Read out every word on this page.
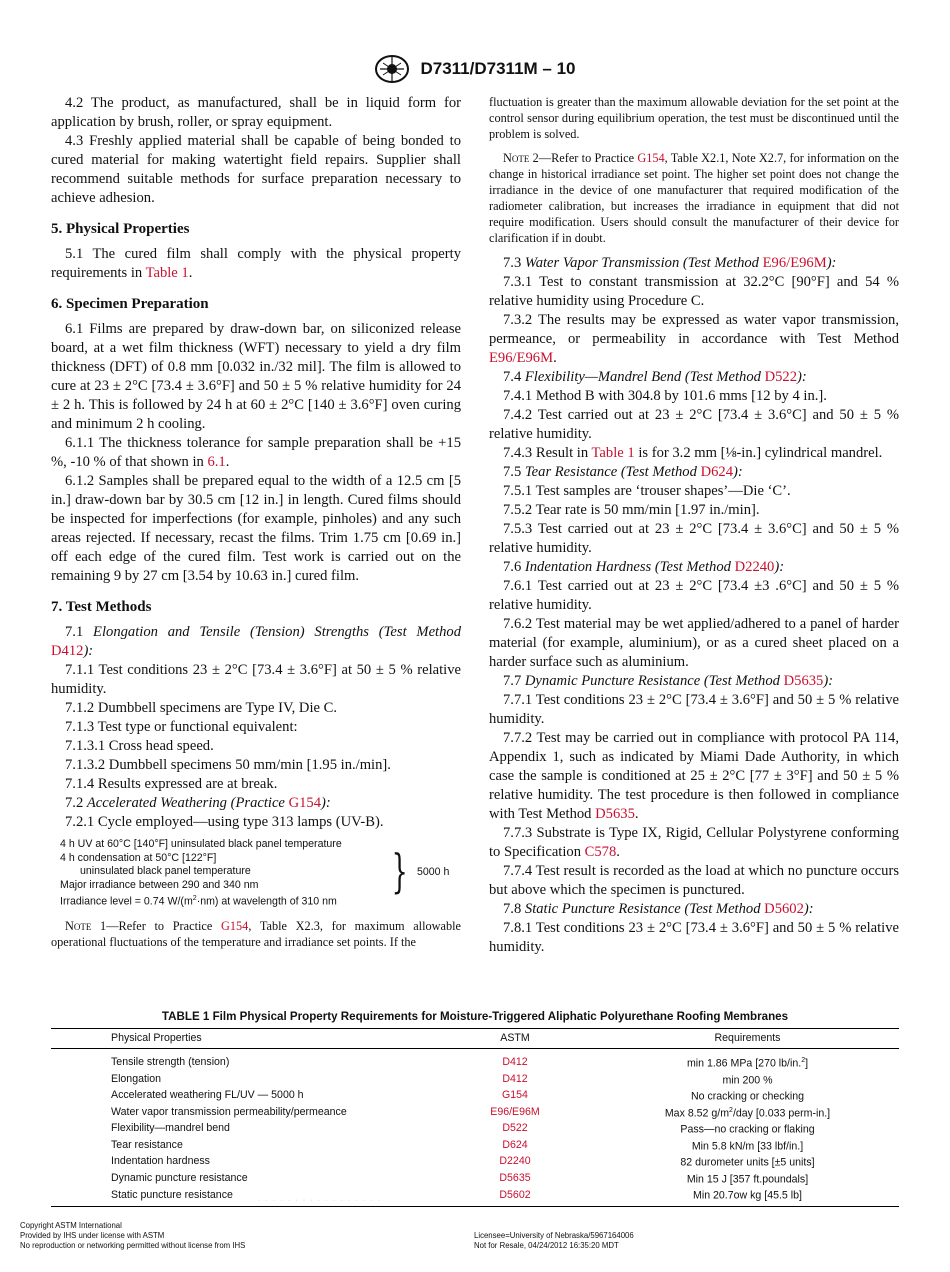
D7311/D7311M – 10

4.2 The product, as manufactured, shall be in liquid form for application by brush, roller, or spray equipment.

4.3 Freshly applied material shall be capable of being bonded to cured material for making watertight field repairs. Supplier shall recommend suitable methods for surface preparation necessary to achieve adhesion.

5. Physical Properties

5.1 The cured film shall comply with the physical property requirements in Table 1.

6. Specimen Preparation

6.1 Films are prepared by draw-down bar, on siliconized release board, at a wet film thickness (WFT) necessary to yield a dry film thickness (DFT) of 0.8 mm [0.032 in./32 mil]. The film is allowed to cure at 23 ± 2°C [73.4 ± 3.6°F] and 50 ± 5 % relative humidity for 24 ± 2 h. This is followed by 24 h at 60 ± 2°C [140 ± 3.6°F] oven curing and minimum 2 h cooling.

6.1.1 The thickness tolerance for sample preparation shall be +15 %, -10 % of that shown in 6.1.

6.1.2 Samples shall be prepared equal to the width of a 12.5 cm [5 in.] draw-down bar by 30.5 cm [12 in.] in length. Cured films should be inspected for imperfections (for example, pinholes) and any such areas rejected. If necessary, recast the films. Trim 1.75 cm [0.69 in.] off each edge of the cured film. Test work is carried out on the remaining 9 by 27 cm [3.54 by 10.63 in.] cured film.

7. Test Methods

7.1 Elongation and Tensile (Tension) Strengths (Test Method D412):

7.1.1 Test conditions 23 ± 2°C [73.4 ± 3.6°F] at 50 ± 5 % relative humidity.

7.1.2 Dumbbell specimens are Type IV, Die C.

7.1.3 Test type or functional equivalent:

7.1.3.1 Cross head speed.

7.1.3.2 Dumbbell specimens 50 mm/min [1.95 in./min].

7.1.4 Results expressed are at break.

7.2 Accelerated Weathering (Practice G154):

7.2.1 Cycle employed—using type 313 lamps (UV-B).

4 h UV at 60°C [140°F] uninsulated black panel temperature
4 h condensation at 50°C [122°F]
uninsulated black panel temperature
Major irradiance between 290 and 340 nm
Irradiance level = 0.74 $W/(m^2\cdot nm)$ at wavelength of 310 nm
} 5000 h

Note 1—Refer to Practice G154, Table X2.3, for maximum allowable operational fluctuations of the temperature and irradiance set points. If the

fluctuation is greater than the maximum allowable deviation for the set point at the control sensor during equilibrium operation, the test must be discontinued until the problem is solved.

Note 2—Refer to Practice G154, Table X2.1, Note X2.7, for information on the change in historical irradiance set point. The higher set point does not change the irradiance in the device of one manufacturer that required modification of the radiometer calibration, but increases the irradiance in equipment that did not require modification. Users should consult the manufacturer of their device for clarification if in doubt.

7.3 Water Vapor Transmission (Test Method E96/E96M):

7.3.1 Test to constant transmission at 32.2°C [90°F] and 54 % relative humidity using Procedure C.

7.3.2 The results may be expressed as water vapor transmission, permeance, or permeability in accordance with Test Method E96/E96M.

7.4 Flexibility—Mandrel Bend (Test Method D522):

7.4.1 Method B with 304.8 by 101.6 mms [12 by 4 in.].

7.4.2 Test carried out at 23 ± 2°C [73.4 ± 3.6°C] and 50 ± 5 % relative humidity.

7.4.3 Result in Table 1 is for 3.2 mm [⅛-in.] cylindrical mandrel.

7.5 Tear Resistance (Test Method D624):

7.5.1 Test samples are ‘trouser shapes’—Die ‘C’.

7.5.2 Tear rate is 50 mm/min [1.97 in./min].

7.5.3 Test carried out at 23 ± 2°C [73.4 ± 3.6°C] and 50 ± 5 % relative humidity.

7.6 Indentation Hardness (Test Method D2240):

7.6.1 Test carried out at 23 ± 2°C [73.4 ±3 .6°C] and 50 ± 5 % relative humidity.

7.6.2 Test material may be wet applied/adhered to a panel of harder material (for example, aluminium), or as a cured sheet placed on a harder surface such as aluminium.

7.7 Dynamic Puncture Resistance (Test Method D5635):

7.7.1 Test conditions 23 ± 2°C [73.4 ± 3.6°F] and 50 ± 5 % relative humidity.

7.7.2 Test may be carried out in compliance with protocol PA 114, Appendix 1, such as indicated by Miami Dade Authority, in which case the sample is conditioned at 25 ± 2°C [77 ± 3°F] and 50 ± 5 % relative humidity. The test procedure is then followed in compliance with Test Method D5635.

7.7.3 Substrate is Type IX, Rigid, Cellular Polystyrene conforming to Specification C578.

7.7.4 Test result is recorded as the load at which no puncture occurs but above which the specimen is punctured.

7.8 Static Puncture Resistance (Test Method D5602):

7.8.1 Test conditions 23 ± 2°C [73.4 ± 3.6°F] and 50 ± 5 % relative humidity.

TABLE 1 Film Physical Property Requirements for Moisture-Triggered Aliphatic Polyurethane Roofing Membranes
Physical Properties	ASTM	Requirements
Tensile strength (tension)	D412	min 1.86 MPa [270 lb/in.$^2$]
Elongation	D412	min 200 %
Accelerated weathering FL/UV — 5000 h	G154	No cracking or checking
Water vapor transmission permeability/permeance	E96/E96M	Max 8.52 $g/m^2$/day [0.033 perm-in.]
Flexibility—mandrel bend	D522	Pass—no cracking or flaking
Tear resistance	D624	Min 5.8 kN/m [33 lbf/in.]
Indentation hardness	D2240	82 durometer units [±5 units]
Dynamic puncture resistance	D5635	Min 15 J [357 ft.poundals]
Static puncture resistance	D5602	Min 20.7ow kg [45.5 lb]
· · · · · · · · · · · · · · · · ·
Copyright ASTM International
Provided by IHS under license with ASTM
No reproduction or networking permitted without license from IHS
Licensee=University of Nebraska/5967164006
Not for Resale, 04/24/2012 16:35:20 MDT
